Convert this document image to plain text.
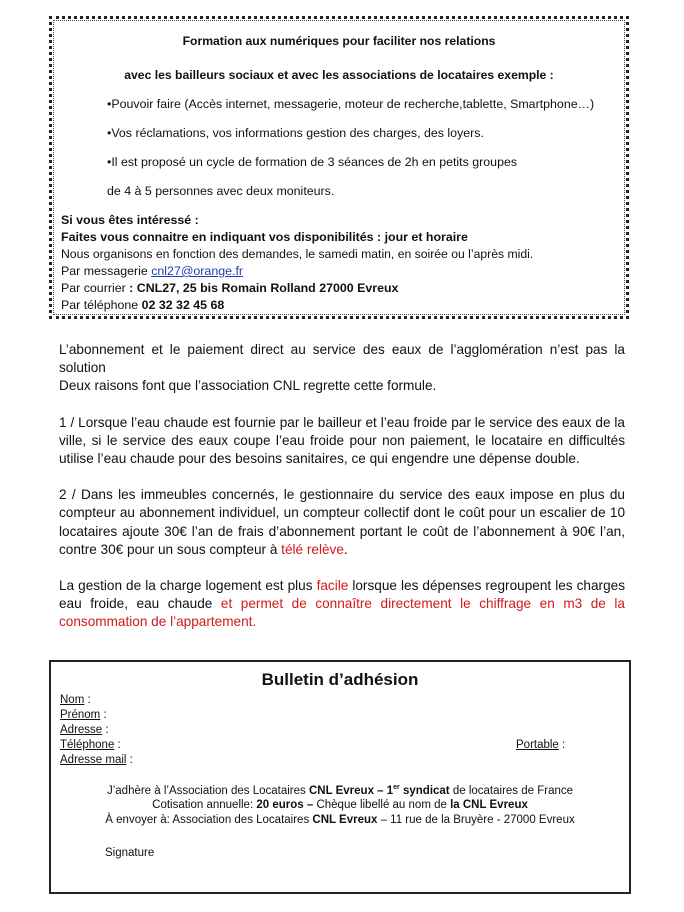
Formation aux numériques pour faciliter nos relations
avec les bailleurs sociaux et avec les associations de locataires exemple :
•Pouvoir faire (Accès internet, messagerie, moteur de recherche,tablette, Smartphone…)
•Vos réclamations, vos informations gestion des charges, des loyers.
•Il est proposé un cycle de formation de 3 séances de 2h en petits groupes
de 4 à 5 personnes avec deux moniteurs.
Si vous êtes intéressé :
Faites vous connaitre en indiquant vos disponibilités : jour et horaire
Nous organisons en fonction des demandes, le samedi matin, en soirée ou l’après midi.
Par messagerie cnl27@orange.fr
Par courrier : CNL27, 25 bis Romain Rolland 27000 Evreux
Par téléphone 02 32 32 45 68

L’abonnement et le paiement direct au service des eaux de l’agglomération n’est pas la solution

Deux raisons font que l’association CNL regrette cette formule.

1 / Lorsque l’eau chaude est fournie par le bailleur et l’eau froide par le service des eaux de la ville, si le service des eaux coupe l’eau froide pour non paiement, le locataire en difficultés utilise l’eau chaude pour des besoins sanitaires, ce qui engendre une dépense double.

2 / Dans les immeubles concernés, le gestionnaire du service des eaux impose en plus du compteur au abonnement individuel, un compteur collectif dont le coût pour un escalier de 10 locataires ajoute 30€ l’an de frais d’abonnement portant le coût de l’abonnement à 90€ l’an, contre 30€ pour un sous compteur à télé relève.

La gestion de la charge logement est plus facile lorsque les dépenses regroupent les charges eau froide, eau chaude et permet de connaître directement le chiffrage en m3 de la consommation de l’appartement.

Bulletin d’adhésion
Nom :
Prénom :
Adresse :
Téléphone :	Portable :
Adresse mail :
J’adhère à l’Association des Locataires CNL Evreux – 1er syndicat de locataires de France
Cotisation annuelle: 20 euros – Chèque libellé au nom de la CNL Evreux
À envoyer à: Association des Locataires CNL Evreux – 11 rue de la Bruyère - 27000 Evreux
Signature
